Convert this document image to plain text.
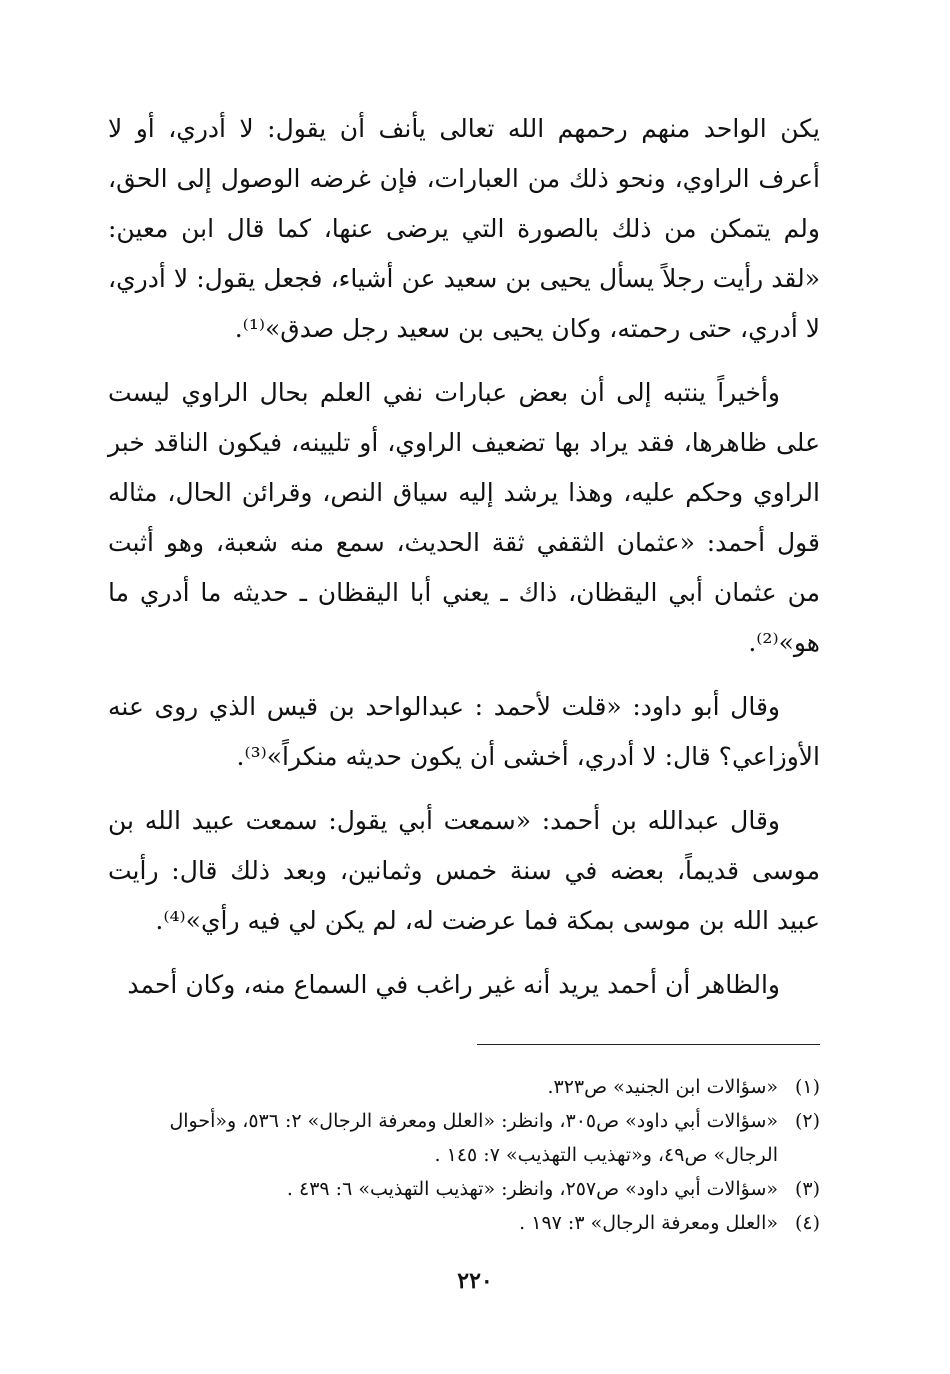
يكن الواحد منهم رحمهم الله تعالى يأنف أن يقول: لا أدري، أو لا أعرف الراوي، ونحو ذلك من العبارات، فإن غرضه الوصول إلى الحق، ولم يتمكن من ذلك بالصورة التي يرضى عنها، كما قال ابن معين: «لقد رأيت رجلاً يسأل يحيى بن سعيد عن أشياء، فجعل يقول: لا أدري، لا أدري، حتى رحمته، وكان يحيى بن سعيد رجل صدق»⁽¹⁾.

وأخيراً ينتبه إلى أن بعض عبارات نفي العلم بحال الراوي ليست على ظاهرها، فقد يراد بها تضعيف الراوي، أو تليينه، فيكون الناقد خبر الراوي وحكم عليه، وهذا يرشد إليه سياق النص، وقرائن الحال، مثاله قول أحمد: «عثمان الثقفي ثقة الحديث، سمع منه شعبة، وهو أثبت من عثمان أبي اليقظان، ذاك ـ يعني أبا اليقظان ـ حديثه ما أدري ما هو»⁽²⁾.

وقال أبو داود: «قلت لأحمد : عبدالواحد بن قيس الذي روى عنه الأوزاعي؟ قال: لا أدري، أخشى أن يكون حديثه منكراً»⁽³⁾.

وقال عبدالله بن أحمد: «سمعت أبي يقول: سمعت عبيد الله بن موسى قديماً، بعضه في سنة خمس وثمانين، وبعد ذلك قال: رأيت عبيد الله بن موسى بمكة فما عرضت له، لم يكن لي فيه رأي»⁽⁴⁾.

والظاهر أن أحمد يريد أنه غير راغب في السماع منه، وكان أحمد

(١)
«سؤالات ابن الجنيد» ص٣٢٣.
(٢)
«سؤالات أبي داود» ص٣٠٥، وانظر: «العلل ومعرفة الرجال» ٢: ٥٣٦، و«أحوال الرجال» ص٤٩، و«تهذيب التهذيب» ٧: ١٤٥ .
(٣)
«سؤالات أبي داود» ص٢٥٧، وانظر: «تهذيب التهذيب» ٦: ٤٣٩ .
(٤)
«العلل ومعرفة الرجال» ٣: ١٩٧ .
٢٢٠
